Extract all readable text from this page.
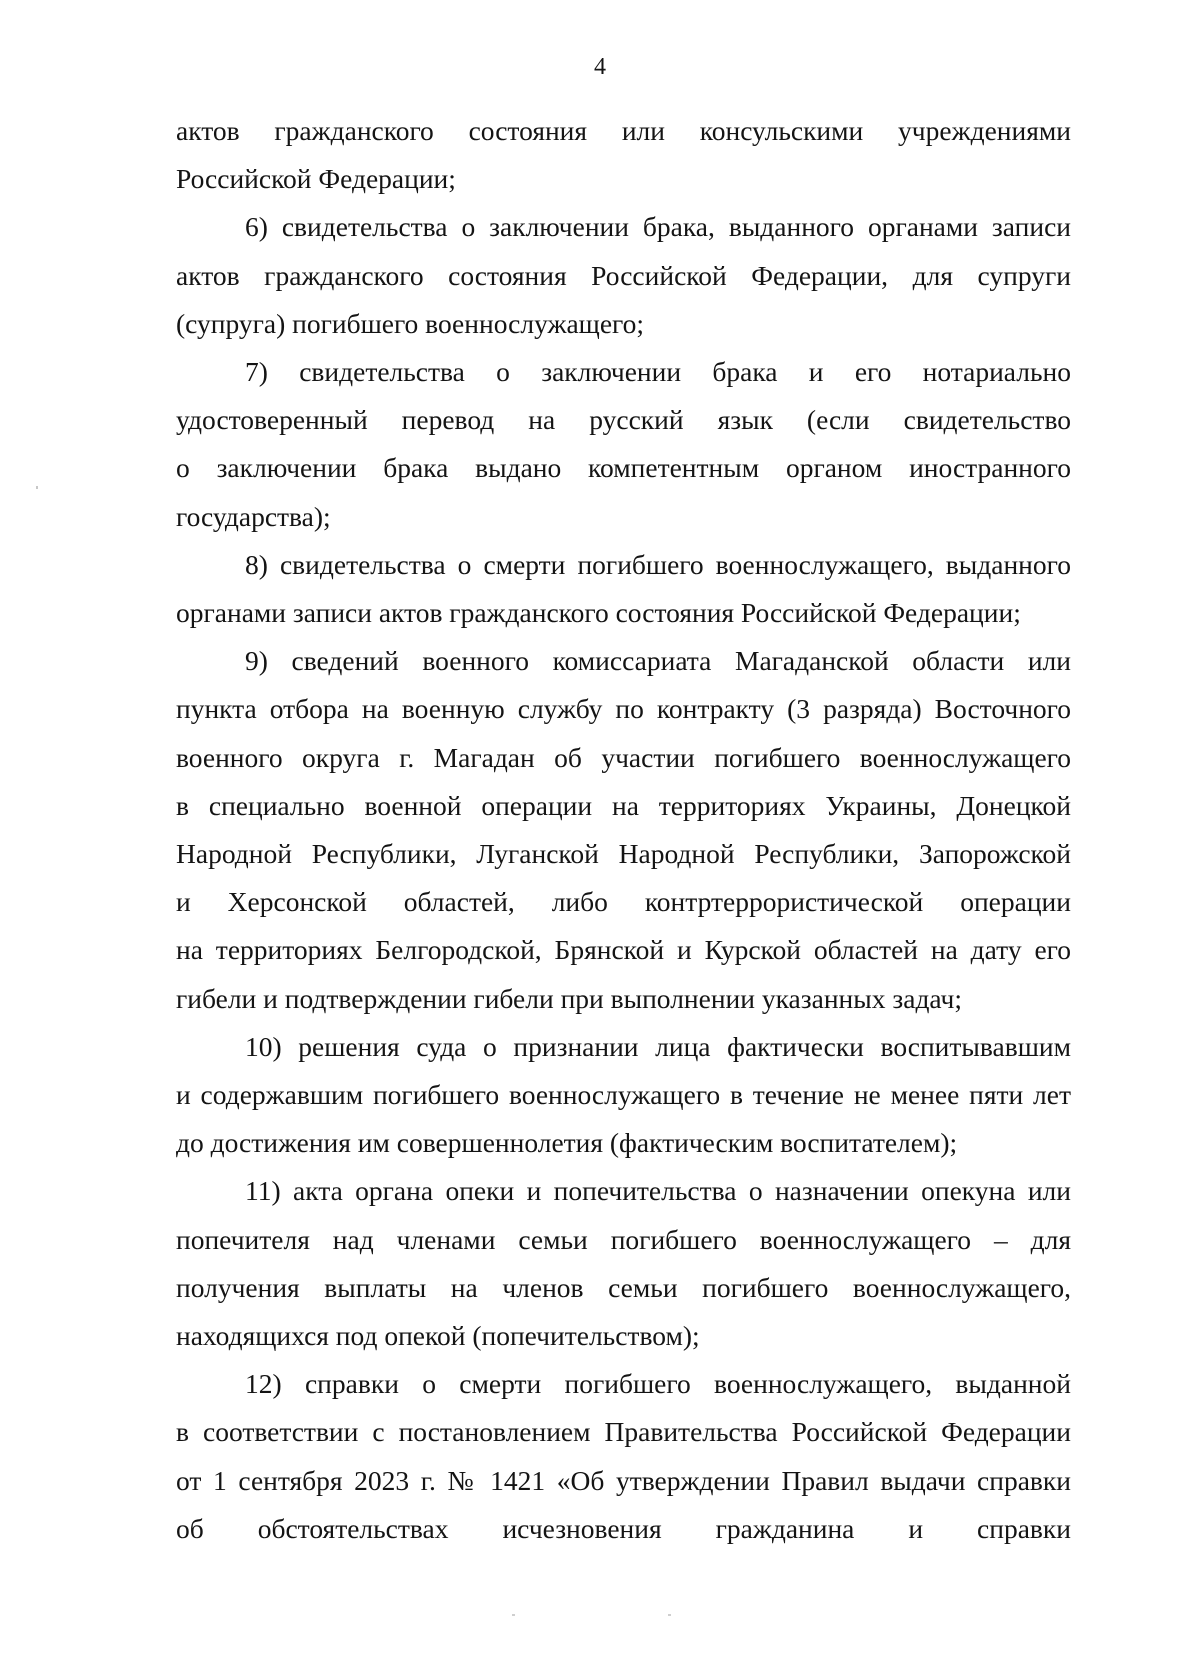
4

актов гражданского состояния или консульскими учреждениями
Российской Федерации;

6) свидетельства о заключении брака, выданного органами записи
актов гражданского состояния Российской Федерации, для супруги
(супруга) погибшего военнослужащего;

7) свидетельства о заключении брака и его нотариально
удостоверенный перевод на русский язык (если свидетельство
о заключении брака выдано компетентным органом иностранного
государства);

8) свидетельства о смерти погибшего военнослужащего, выданного
органами записи актов гражданского состояния Российской Федерации;

9) сведений военного комиссариата Магаданской области или
пункта отбора на военную службу по контракту (3 разряда) Восточного
военного округа г. Магадан об участии погибшего военнослужащего
в специально военной операции на территориях Украины, Донецкой
Народной Республики, Луганской Народной Республики, Запорожской
и Херсонской областей, либо контртеррористической операции
на территориях Белгородской, Брянской и Курской областей на дату его
гибели и подтверждении гибели при выполнении указанных задач;

10) решения суда о признании лица фактически воспитывавшим
и содержавшим погибшего военнослужащего в течение не менее пяти лет
до достижения им совершеннолетия (фактическим воспитателем);

11) акта органа опеки и попечительства о назначении опекуна или
попечителя над членами семьи погибшего военнослужащего – для
получения выплаты на членов семьи погибшего военнослужащего,
находящихся под опекой (попечительством);

12) справки о смерти погибшего военнослужащего, выданной
в соответствии с постановлением Правительства Российской Федерации
от 1 сентября 2023 г. № 1421 «Об утверждении Правил выдачи справки
об обстоятельствах исчезновения гражданина и справки
